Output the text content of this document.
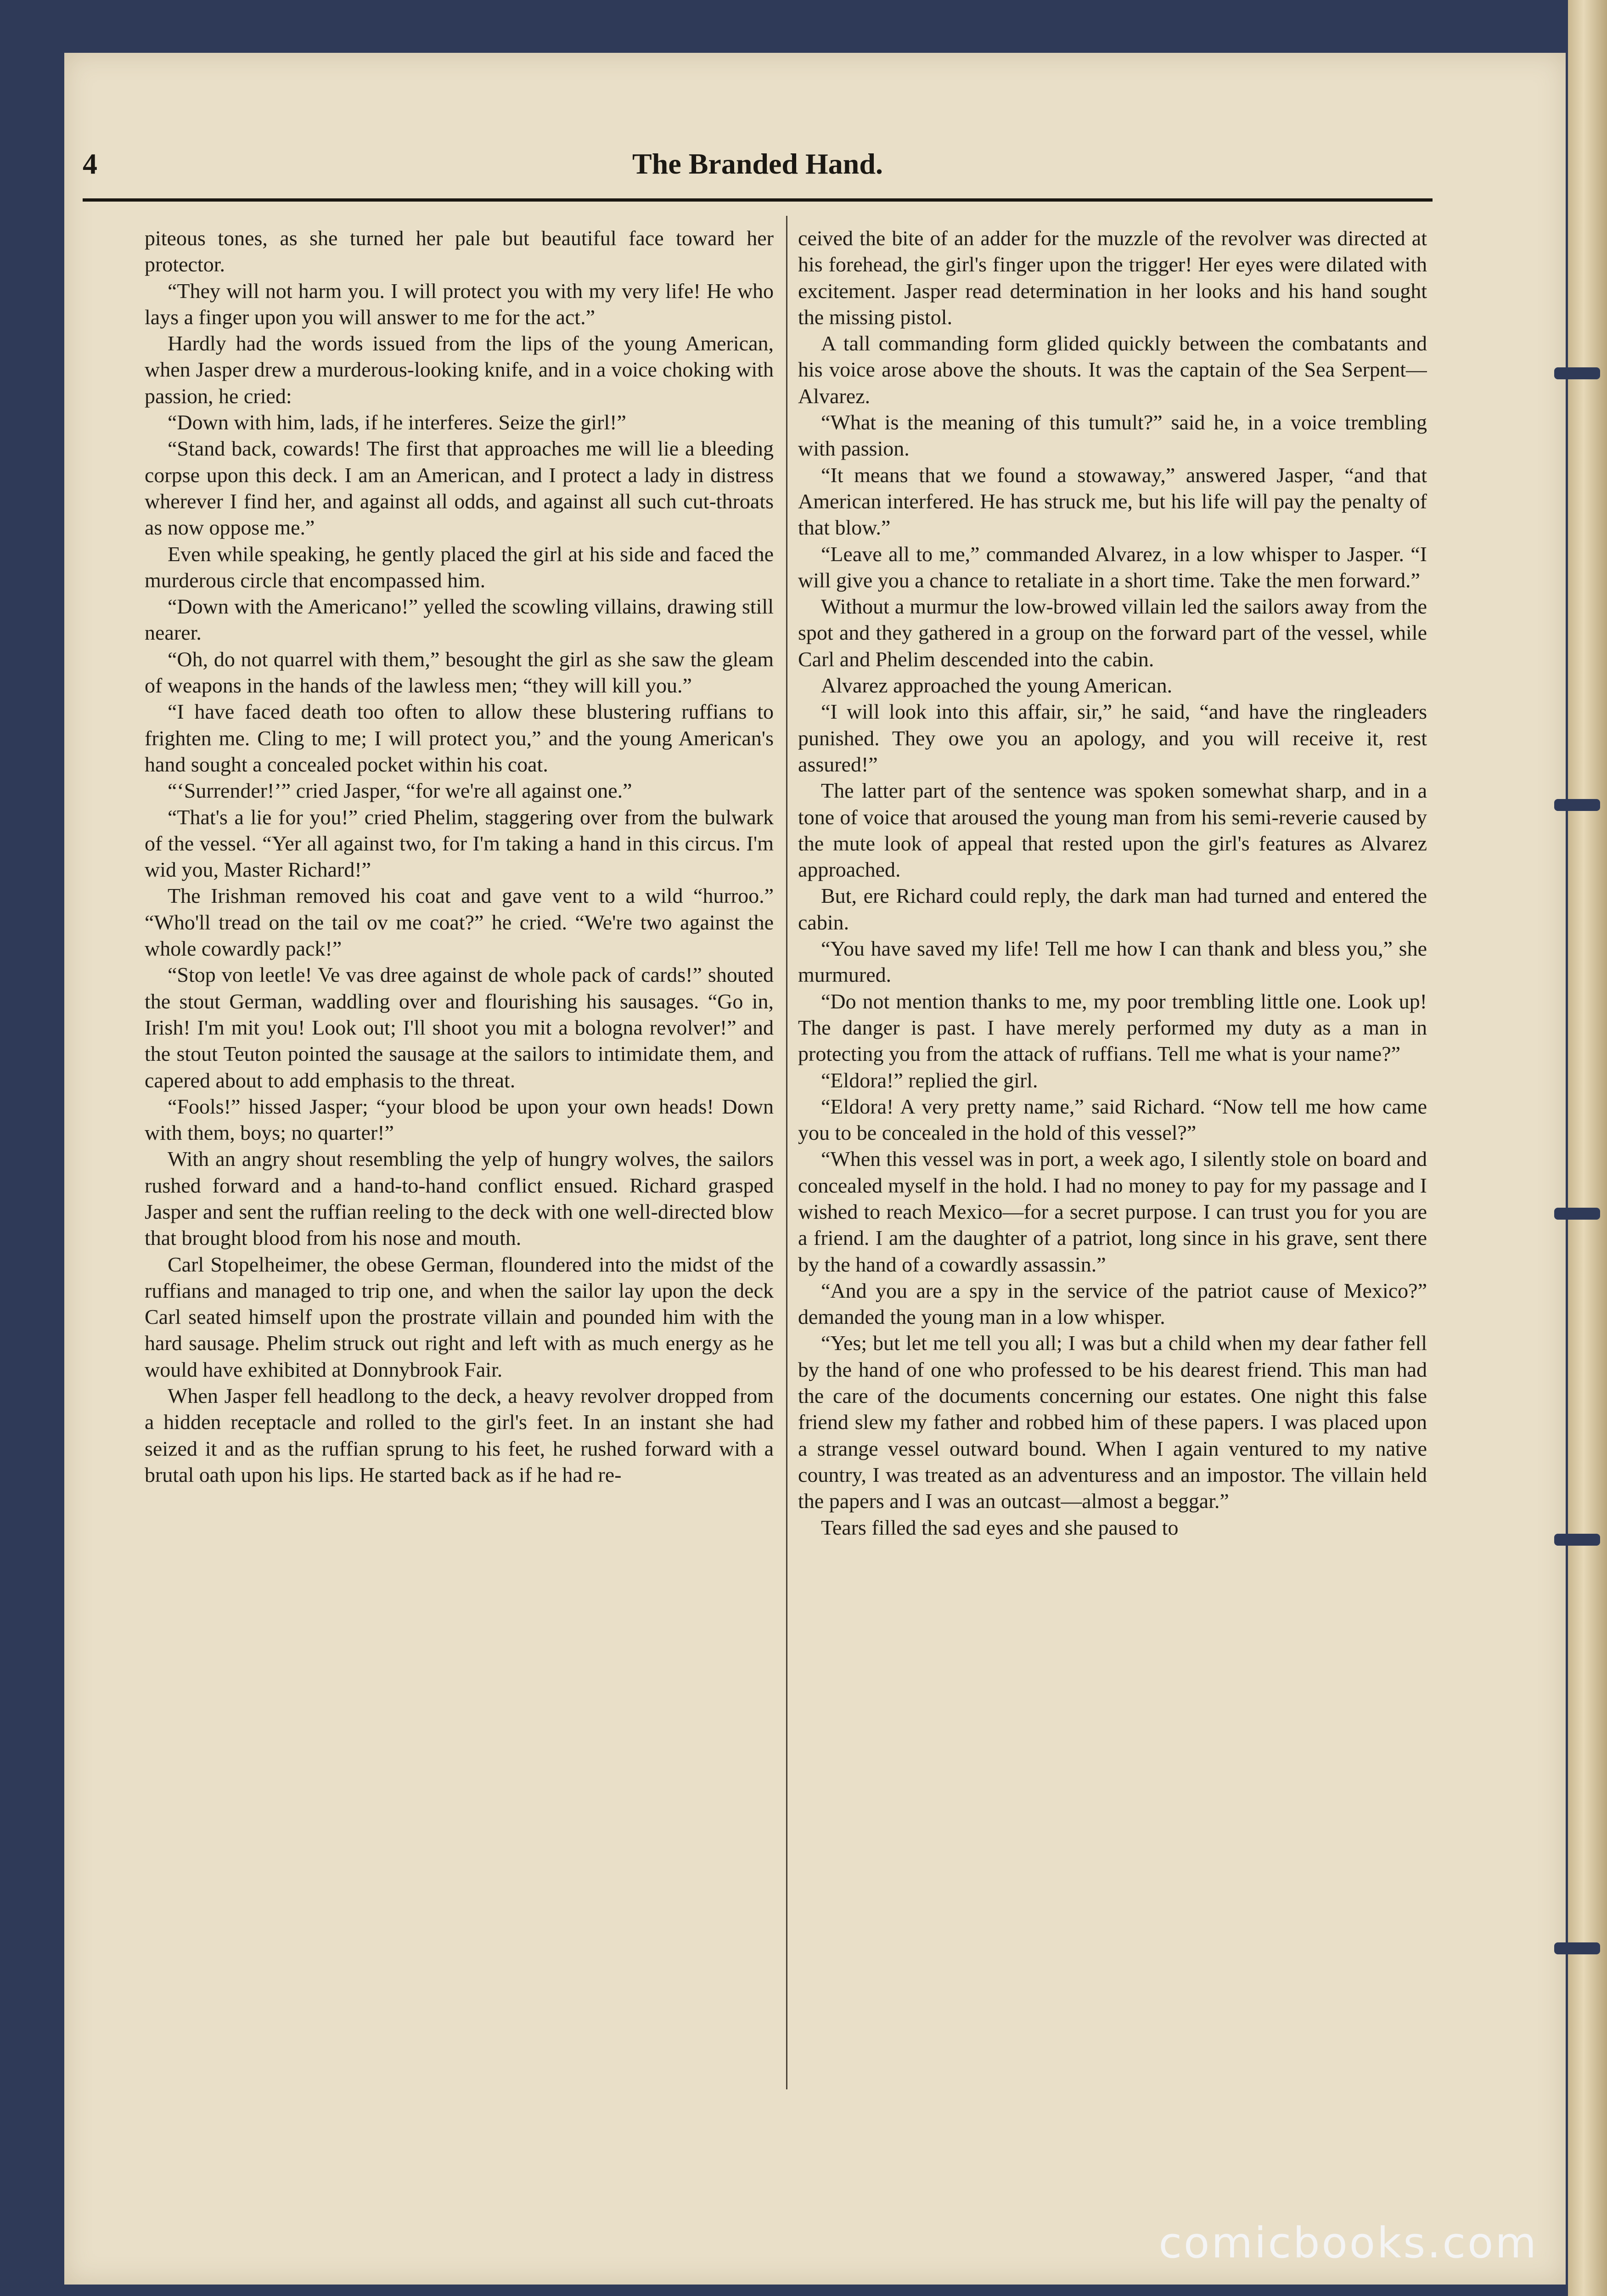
4	The Branded Hand.

piteous tones, as she turned her pale but beautiful face toward her protector.

“They will not harm you. I will protect you with my very life! He who lays a finger upon you will answer to me for the act.”

Hardly had the words issued from the lips of the young American, when Jasper drew a murderous-looking knife, and in a voice choking with passion, he cried:

“Down with him, lads, if he interferes. Seize the girl!”

“Stand back, cowards! The first that approaches me will lie a bleeding corpse upon this deck. I am an American, and I protect a lady in distress wherever I find her, and against all odds, and against all such cut-throats as now oppose me.”

Even while speaking, he gently placed the girl at his side and faced the murderous circle that encompassed him.

“Down with the Americano!” yelled the scowling villains, drawing still nearer.

“Oh, do not quarrel with them,” besought the girl as she saw the gleam of weapons in the hands of the lawless men; “they will kill you.”

“I have faced death too often to allow these blustering ruffians to frighten me. Cling to me; I will protect you,” and the young American's hand sought a concealed pocket within his coat.

“‘Surrender!’” cried Jasper, “for we're all against one.”

“That's a lie for you!” cried Phelim, staggering over from the bulwark of the vessel. “Yer all against two, for I'm taking a hand in this circus. I'm wid you, Master Richard!”

The Irishman removed his coat and gave vent to a wild “hurroo.” “Who'll tread on the tail ov me coat?” he cried. “We're two against the whole cowardly pack!”

“Stop von leetle! Ve vas dree against de whole pack of cards!” shouted the stout German, waddling over and flourishing his sausages. “Go in, Irish! I'm mit you! Look out; I'll shoot you mit a bologna revolver!” and the stout Teuton pointed the sausage at the sailors to intimidate them, and capered about to add emphasis to the threat.

“Fools!” hissed Jasper; “your blood be upon your own heads! Down with them, boys; no quarter!”

With an angry shout resembling the yelp of hungry wolves, the sailors rushed forward and a hand-to-hand conflict ensued. Richard grasped Jasper and sent the ruffian reeling to the deck with one well-directed blow that brought blood from his nose and mouth.

Carl Stopelheimer, the obese German, floundered into the midst of the ruffians and managed to trip one, and when the sailor lay upon the deck Carl seated himself upon the prostrate villain and pounded him with the hard sausage. Phelim struck out right and left with as much energy as he would have exhibited at Donnybrook Fair.

When Jasper fell headlong to the deck, a heavy revolver dropped from a hidden receptacle and rolled to the girl's feet. In an instant she had seized it and as the ruffian sprung to his feet, he rushed forward with a brutal oath upon his lips. He started back as if he had re-

ceived the bite of an adder for the muzzle of the revolver was directed at his forehead, the girl's finger upon the trigger! Her eyes were dilated with excitement. Jasper read determination in her looks and his hand sought the missing pistol.

A tall commanding form glided quickly between the combatants and his voice arose above the shouts. It was the captain of the Sea Serpent—Alvarez.

“What is the meaning of this tumult?” said he, in a voice trembling with passion.

“It means that we found a stowaway,” answered Jasper, “and that American interfered. He has struck me, but his life will pay the penalty of that blow.”

“Leave all to me,” commanded Alvarez, in a low whisper to Jasper. “I will give you a chance to retaliate in a short time. Take the men forward.”

Without a murmur the low-browed villain led the sailors away from the spot and they gathered in a group on the forward part of the vessel, while Carl and Phelim descended into the cabin.

Alvarez approached the young American.

“I will look into this affair, sir,” he said, “and have the ringleaders punished. They owe you an apology, and you will receive it, rest assured!”

The latter part of the sentence was spoken somewhat sharp, and in a tone of voice that aroused the young man from his semi-reverie caused by the mute look of appeal that rested upon the girl's features as Alvarez approached.

But, ere Richard could reply, the dark man had turned and entered the cabin.

“You have saved my life! Tell me how I can thank and bless you,” she murmured.

“Do not mention thanks to me, my poor trembling little one. Look up! The danger is past. I have merely performed my duty as a man in protecting you from the attack of ruffians. Tell me what is your name?”

“Eldora!” replied the girl.

“Eldora! A very pretty name,” said Richard. “Now tell me how came you to be concealed in the hold of this vessel?”

“When this vessel was in port, a week ago, I silently stole on board and concealed myself in the hold. I had no money to pay for my passage and I wished to reach Mexico—for a secret purpose. I can trust you for you are a friend. I am the daughter of a patriot, long since in his grave, sent there by the hand of a cowardly assassin.”

“And you are a spy in the service of the patriot cause of Mexico?” demanded the young man in a low whisper.

“Yes; but let me tell you all; I was but a child when my dear father fell by the hand of one who professed to be his dearest friend. This man had the care of the documents concerning our estates. One night this false friend slew my father and robbed him of these papers. I was placed upon a strange vessel outward bound. When I again ventured to my native country, I was treated as an adventuress and an impostor. The villain held the papers and I was an outcast—almost a beggar.”

Tears filled the sad eyes and she paused to

comicbooks.com
